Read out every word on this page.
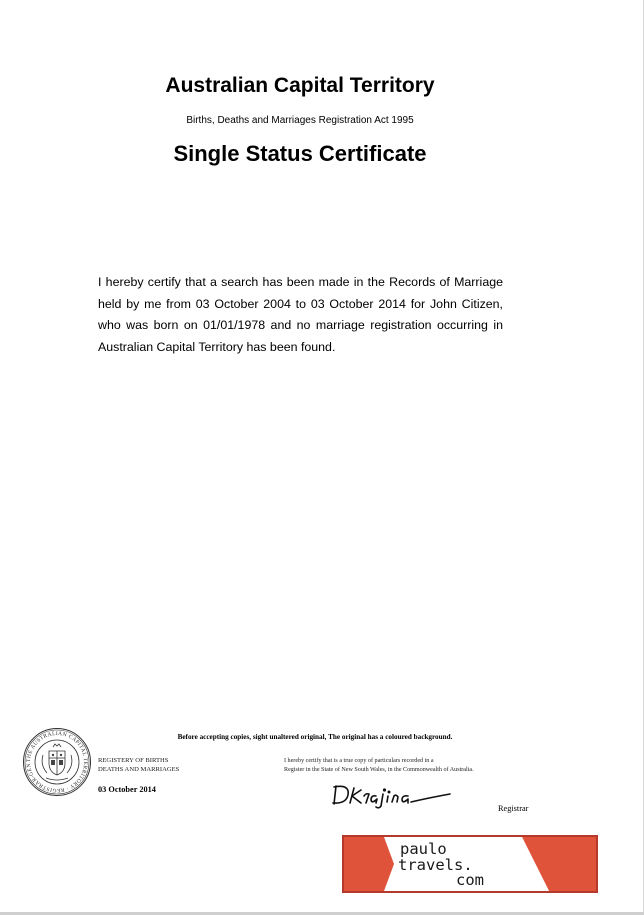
Australian Capital Territory
Births, Deaths and Marriages Registration Act 1995
Single Status Certificate

I hereby certify that a search has been made in the Records of Marriage held by me from 03 October 2004 to 03 October 2014 for John Citizen, who was born on 01/01/1978 and no marriage registration occurring in Australian Capital Territory has been found.

Before accepting copies, sight unaltered original, The original has a coloured background.
THE AUSTRALIAN CAPITAL TERRITORY · REGISTRAR-GEN
REGISTERY OF BIRTHS
DEATHS AND MARRIAGES
I hereby certify that is a true copy of particulars recorded in a
Register in the State of New South Wales, in the Commonwealth of Australia.
03 October 2014
Registrar
paulo
travels.
com
